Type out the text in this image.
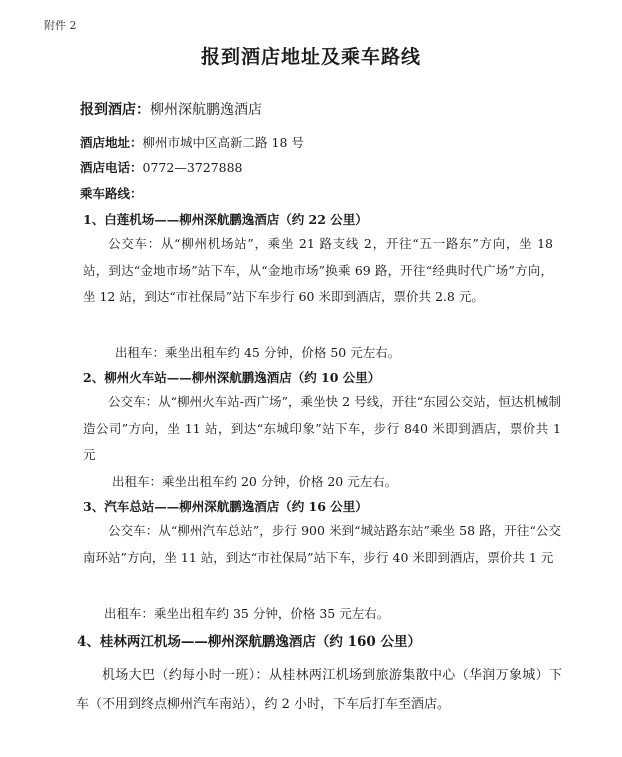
附件 2
报到酒店地址及乘车路线
报到酒店：柳州深航鹏逸酒店
酒店地址：柳州市城中区高新二路 18 号
酒店电话：0772—3727888
乘车路线：
1、白莲机场——柳州深航鹏逸酒店（约 22 公里）
公交车：从“柳州机场站”，乘坐 21 路支线 2，开往“五一路东”方向，坐 18 站，到达“金地市场”站下车，从“金地市场”换乘 69 路，开往“经典时代广场”方向，坐 12 站，到达“市社保局”站下车步行 60 米即到酒店，票价共 2.8 元。
出租车：乘坐出租车约 45 分钟，价格 50 元左右。
2、柳州火车站——柳州深航鹏逸酒店（约 10 公里）
公交车：从“柳州火车站-西广场”，乘坐快 2 号线，开往“东园公交站，恒达机械制造公司”方向，坐 11 站，到达“东城印象”站下车，步行 840 米即到酒店，票价共 1 元
出租车：乘坐出租车约 20 分钟，价格 20 元左右。
3、汽车总站——柳州深航鹏逸酒店（约 16 公里）
公交车：从“柳州汽车总站”，步行 900 米到“城站路东站”乘坐 58 路，开往“公交南环站”方向，坐 11 站，到达“市社保局”站下车，步行 40 米即到酒店，票价共 1 元
出租车：乘坐出租车约 35 分钟，价格 35 元左右。
4、桂林两江机场——柳州深航鹏逸酒店（约 160 公里）
机场大巴（约每小时一班）：从桂林两江机场到旅游集散中心（华润万象城）下车（不用到终点柳州汽车南站），约 2 小时，下车后打车至酒店。
